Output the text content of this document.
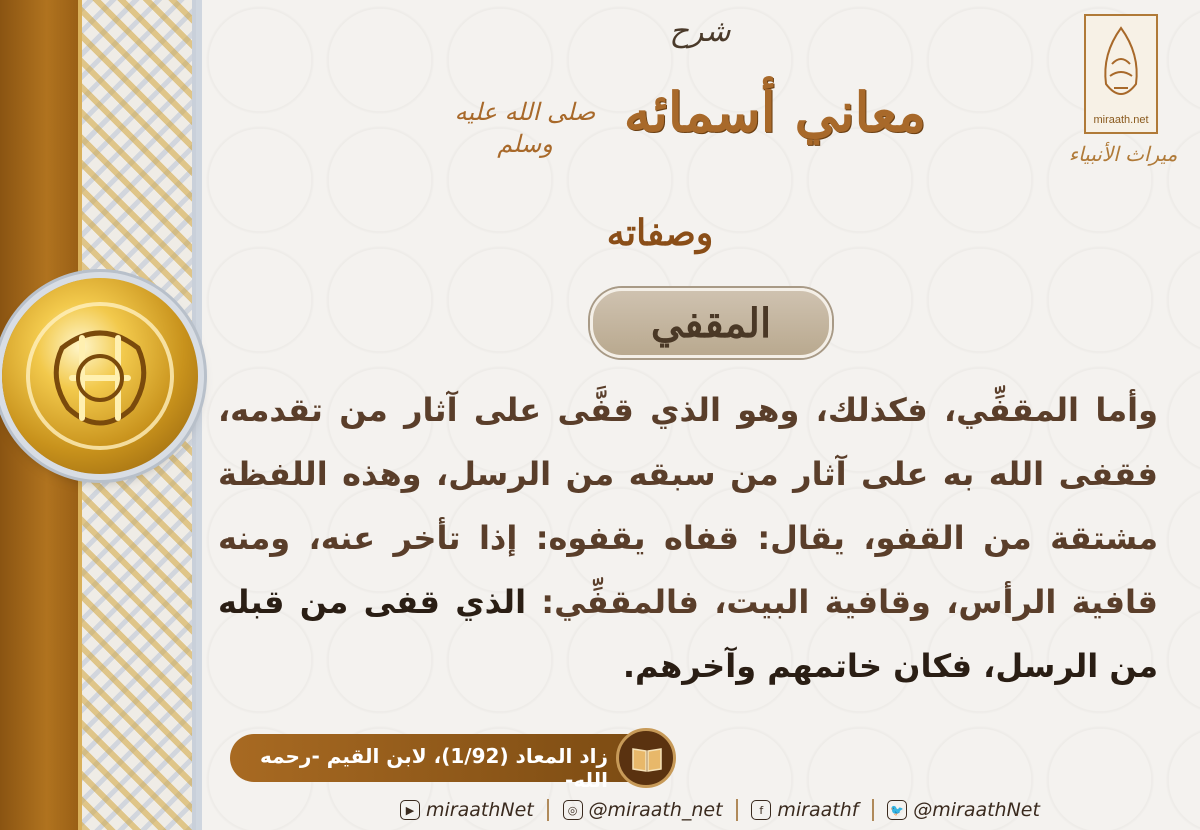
miraath.net
ميراث الأنبياء
شرح
معاني أسمائه
صلى الله عليه وسلم
وصفاته
المقفي
وأما المقفِّي، فكذلك، وهو الذي قفَّى على آثار من تقدمه، فقفى الله به على آثار من سبقه من الرسل، وهذه اللفظة مشتقة من القفو، يقال: قفاه يقفوه: إذا تأخر عنه، ومنه قافية الرأس، وقافية البيت، فالمقفِّي: الذي قفى من قبله من الرسل، فكان خاتمهم وآخرهم.
زاد المعاد (1/92)، لابن القيم -رحمه الله-
▶ miraathNet	◎ @miraath_net	f miraathf	🐦 @miraathNet
